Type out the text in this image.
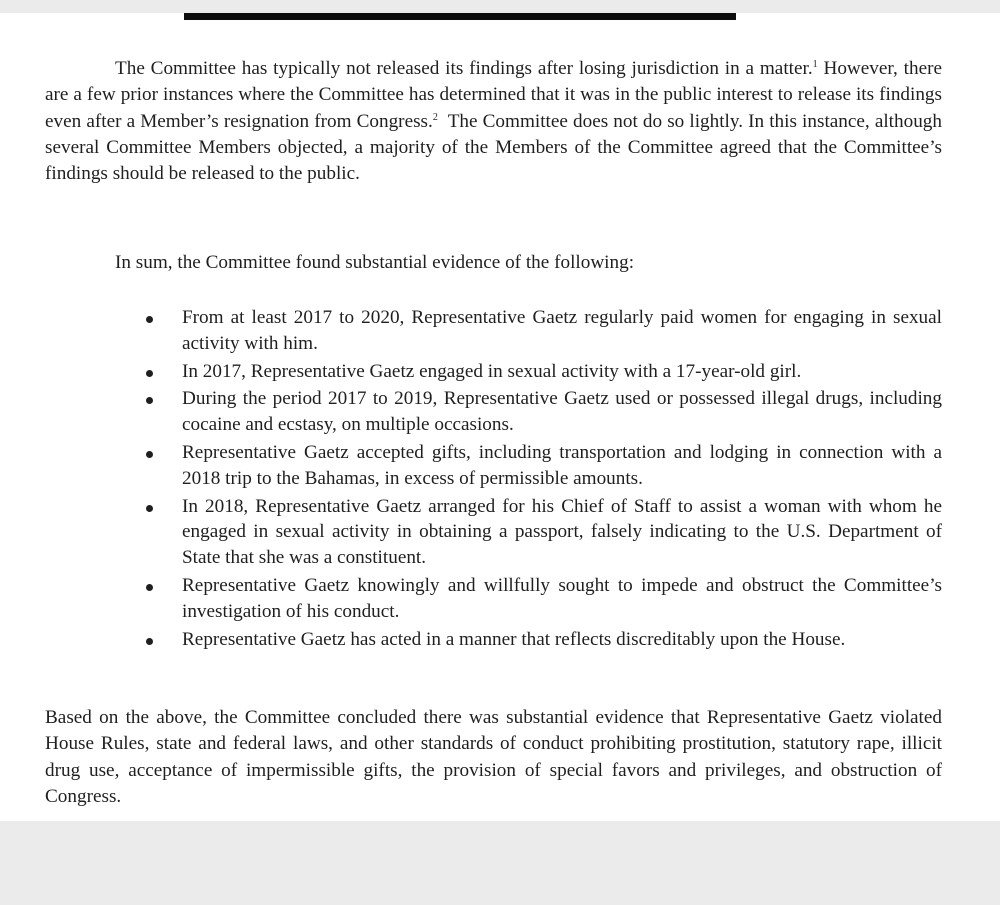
The Committee has typically not released its findings after losing jurisdiction in a matter.$^1$ However, there are a few prior instances where the Committee has determined that it was in the public interest to release its findings even after a Member’s resignation from Congress.$^2$ The Committee does not do so lightly. In this instance, although several Committee Members objected, a majority of the Members of the Committee agreed that the Committee’s findings should be released to the public.

In sum, the Committee found substantial evidence of the following:

From at least 2017 to 2020, Representative Gaetz regularly paid women for engaging in sexual activity with him.
In 2017, Representative Gaetz engaged in sexual activity with a 17-year-old girl.
During the period 2017 to 2019, Representative Gaetz used or possessed illegal drugs, including cocaine and ecstasy, on multiple occasions.
Representative Gaetz accepted gifts, including transportation and lodging in connection with a 2018 trip to the Bahamas, in excess of permissible amounts.
In 2018, Representative Gaetz arranged for his Chief of Staff to assist a woman with whom he engaged in sexual activity in obtaining a passport, falsely indicating to the U.S. Department of State that she was a constituent.
Representative Gaetz knowingly and willfully sought to impede and obstruct the Committee’s investigation of his conduct.
Representative Gaetz has acted in a manner that reflects discreditably upon the House.

Based on the above, the Committee concluded there was substantial evidence that Representative Gaetz violated House Rules, state and federal laws, and other standards of conduct prohibiting prostitution, statutory rape, illicit drug use, acceptance of impermissible gifts, the provision of special favors and privileges, and obstruction of Congress.
